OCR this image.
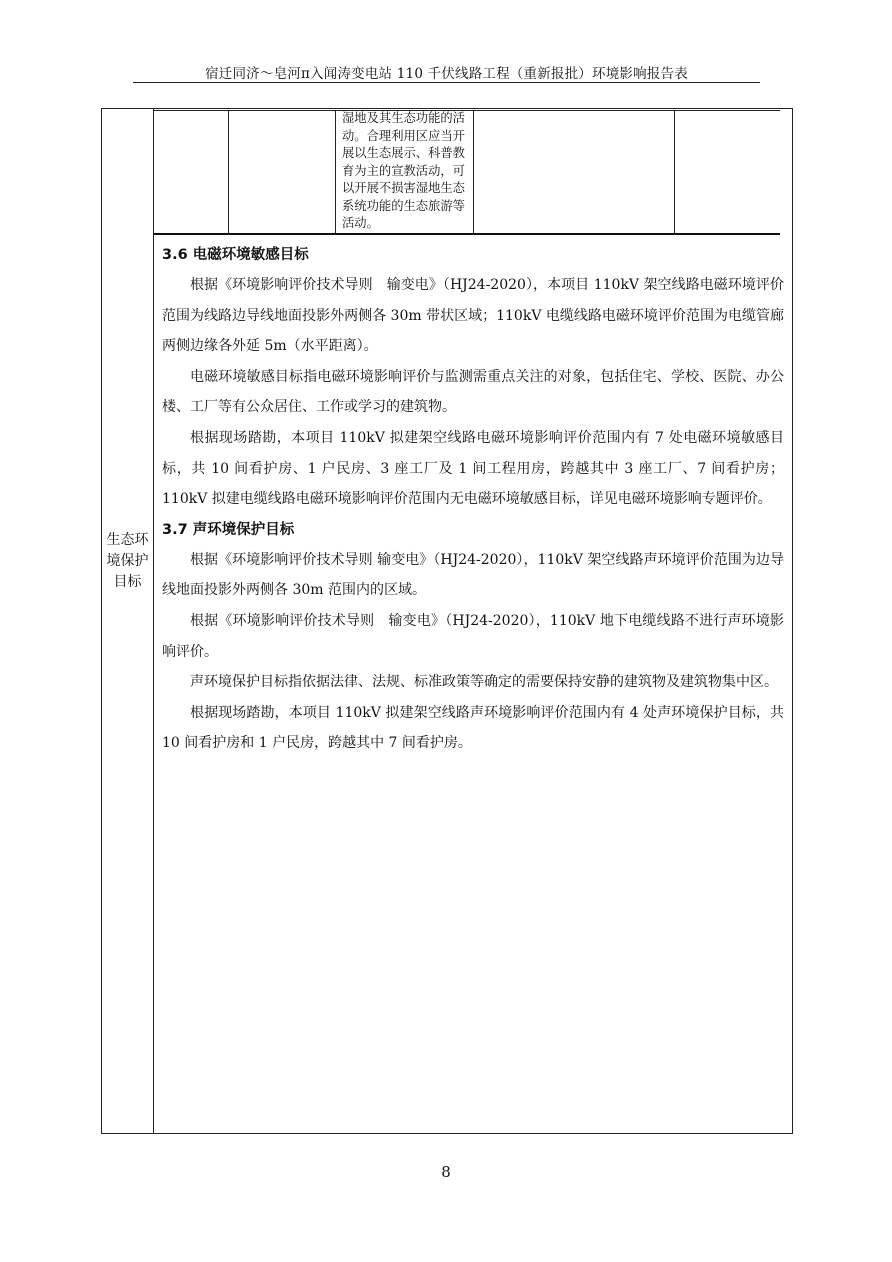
宿迁同济～皂河π入闻涛变电站 110 千伏线路工程（重新报批）环境影响报告表
生态环
境保护
目标
湿地及其生态功能的活动。合理利用区应当开展以生态展示、科普教育为主的宣教活动，可以开展不损害湿地生态系统功能的生态旅游等活动。
3.6 电磁环境敏感目标

根据《环境影响评价技术导则　输变电》（HJ24-2020），本项目 110kV 架空线路电磁环境评价范围为线路边导线地面投影外两侧各 30m 带状区域；110kV 电缆线路电磁环境评价范围为电缆管廊两侧边缘各外延 5m（水平距离）。

电磁环境敏感目标指电磁环境影响评价与监测需重点关注的对象，包括住宅、学校、医院、办公楼、工厂等有公众居住、工作或学习的建筑物。

根据现场踏勘，本项目 110kV 拟建架空线路电磁环境影响评价范围内有 7 处电磁环境敏感目标，共 10 间看护房、1 户民房、3 座工厂及 1 间工程用房，跨越其中 3 座工厂、7 间看护房；110kV 拟建电缆线路电磁环境影响评价范围内无电磁环境敏感目标，详见电磁环境影响专题评价。

3.7 声环境保护目标

根据《环境影响评价技术导则 输变电》（HJ24-2020），110kV 架空线路声环境评价范围为边导线地面投影外两侧各 30m 范围内的区域。

根据《环境影响评价技术导则　输变电》（HJ24-2020），110kV 地下电缆线路不进行声环境影响评价。

声环境保护目标指依据法律、法规、标准政策等确定的需要保持安静的建筑物及建筑物集中区。

根据现场踏勘，本项目 110kV 拟建架空线路声环境影响评价范围内有 4 处声环境保护目标，共 10 间看护房和 1 户民房，跨越其中 7 间看护房。

8
